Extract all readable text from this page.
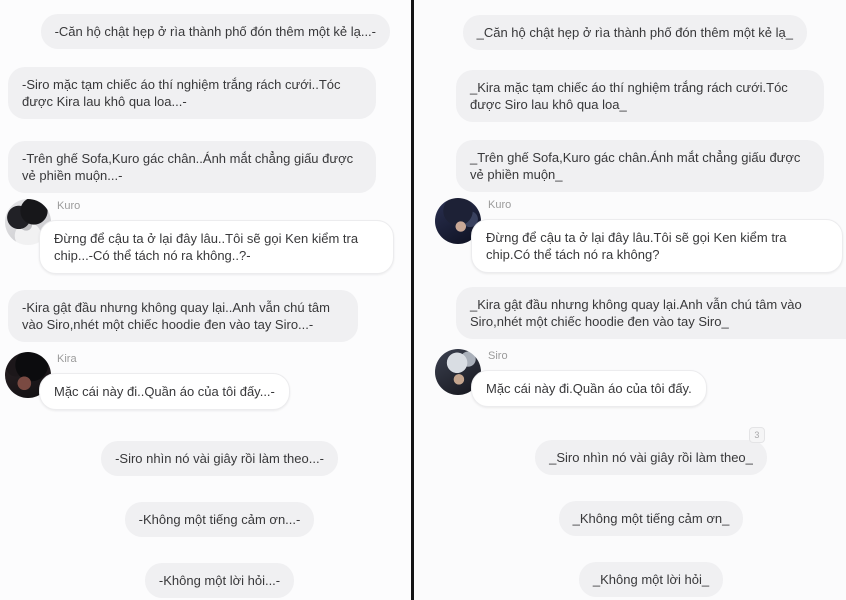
-Căn hộ chật hẹp ở rìa thành phố đón thêm một kẻ lạ...-
-Siro mặc tạm chiếc áo thí nghiệm trắng rách cưới..Tóc được Kira lau khô qua loa...-
-Trên ghế Sofa,Kuro gác chân..Ánh mắt chẳng giấu được vẻ phiền muộn...-
Kuro
Đừng để cậu ta ở lại đây lâu..Tôi sẽ gọi Ken kiểm tra chip...-Có thể tách nó ra không..?-
-Kira gật đầu nhưng không quay lại..Anh vẫn chú tâm vào Siro,nhét một chiếc hoodie đen vào tay Siro...-
Kira
Mặc cái này đi..Quần áo của tôi đấy...-
-Siro nhìn nó vài giây rồi làm theo...-
-Không một tiếng cảm ơn...-
-Không một lời hỏi...-
_Căn hộ chật hẹp ở rìa thành phố đón thêm một kẻ lạ_
_Kira mặc tạm chiếc áo thí nghiệm trắng rách cưới.Tóc được Siro lau khô qua loa_
_Trên ghế Sofa,Kuro gác chân.Ánh mắt chẳng giấu được vẻ phiền muộn_
Kuro
Đừng để cậu ta ở lại đây lâu.Tôi sẽ gọi Ken kiểm tra chip.Có thể tách nó ra không?
_Kira gật đầu nhưng không quay lại.Anh vẫn chú tâm vào Siro,nhét một chiếc hoodie đen vào tay Siro_
Siro
Mặc cái này đi.Quần áo của tôi đấy.
3
_Siro nhìn nó vài giây rồi làm theo_
_Không một tiếng cảm ơn_
_Không một lời hỏi_
